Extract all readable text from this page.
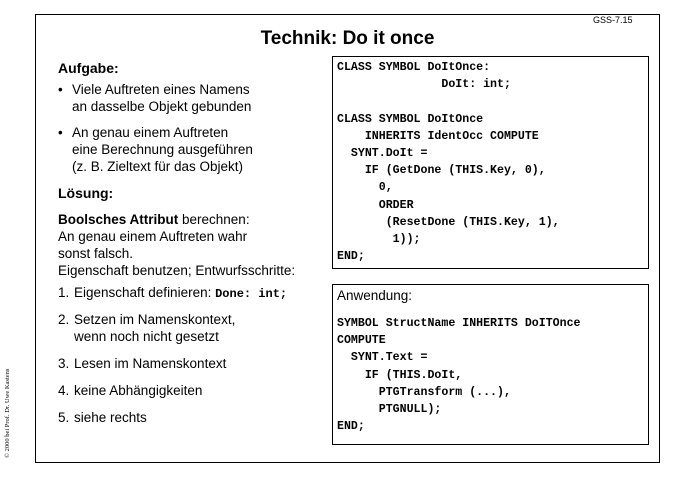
GSS-7.15
Technik: Do it once
© 2000 bei Prof. Dr. Uwe Kastens
Aufgabe:
• Viele Auftreten eines Namens
an dasselbe Objekt gebunden
• An genau einem Auftreten
eine Berechnung ausgeführen
(z. B. Zieltext für das Objekt)
Lösung:
Boolsches Attribut berechnen:
An genau einem Auftreten wahr
sonst falsch.
Eigenschaft benutzen; Entwurfsschritte:
1. Eigenschaft definieren: Done: int;
2. Setzen im Namenskontext,
wenn noch nicht gesetzt
3. Lesen im Namenskontext
4. keine Abhängigkeiten
5. siehe rechts
CLASS SYMBOL DoItOnce:
DoIt: int;

CLASS SYMBOL DoItOnce
INHERITS IdentOcc COMPUTE
SYNT.DoIt =
IF (GetDone (THIS.Key, 0),
0,
ORDER
(ResetDone (THIS.Key, 1),
1));
END;
Anwendung:
SYMBOL StructName INHERITS DoITOnce
COMPUTE
SYNT.Text =
IF (THIS.DoIt,
PTGTransform (...),
PTGNULL);
END;
